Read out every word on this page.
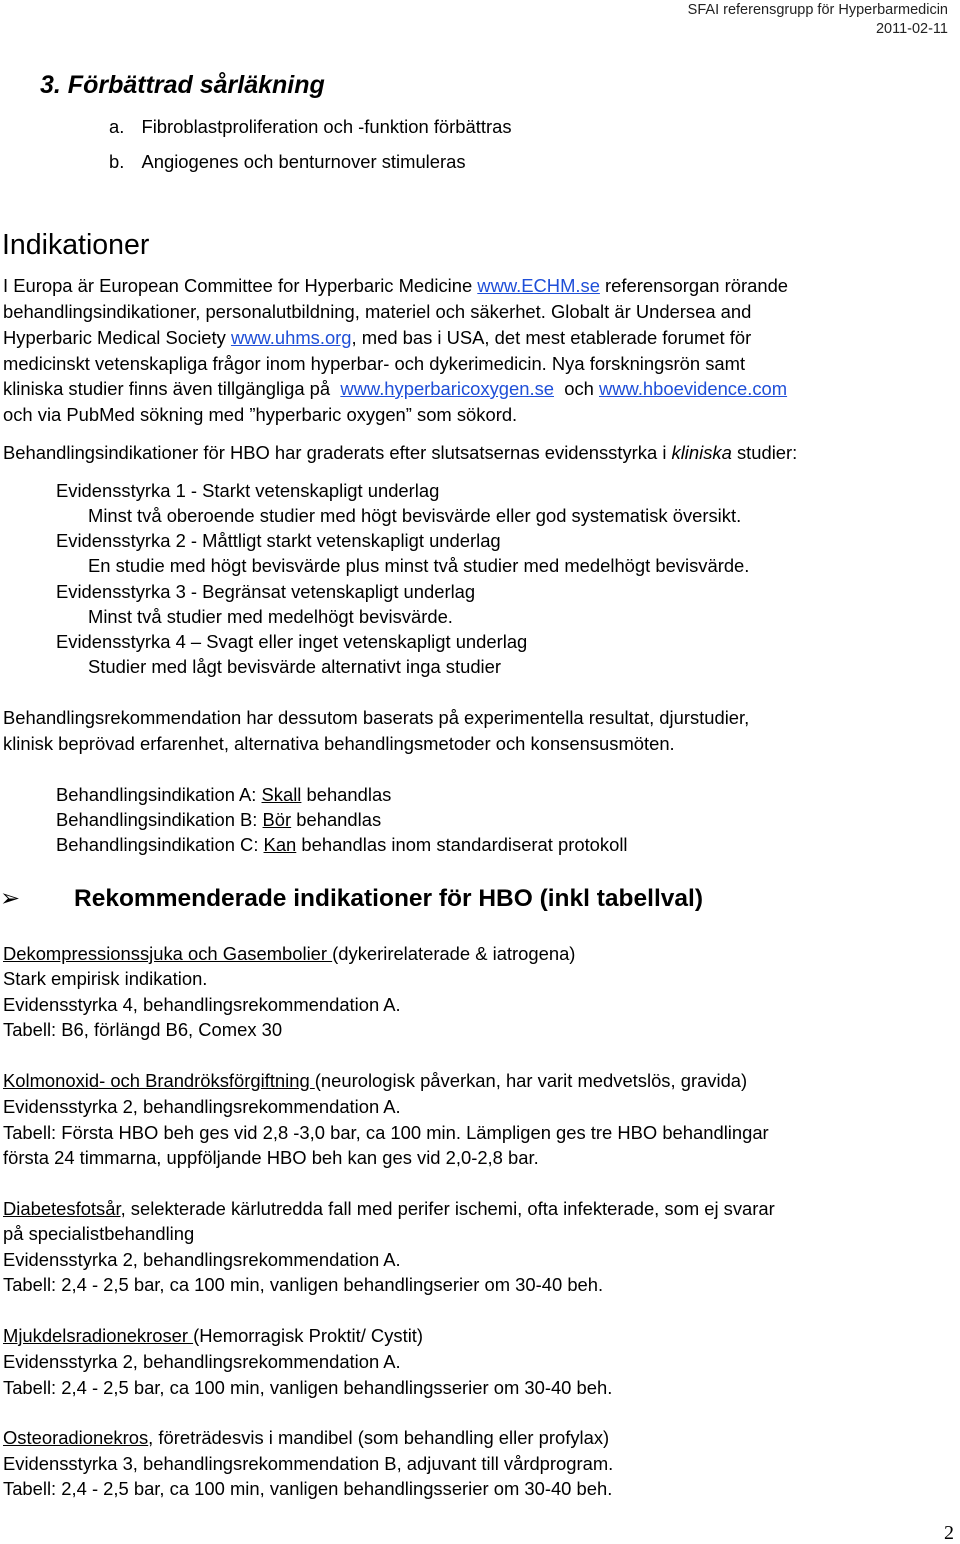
SFAI referensgrupp för Hyperbarmedicin
2011-02-11
3. Förbättrad sårläkning
a. Fibroblastproliferation och -funktion förbättras
b. Angiogenes och benturnover stimuleras
Indikationer
I Europa är European Committee for Hyperbaric Medicine www.ECHM.se referensorgan rörande
behandlingsindikationer, personalutbildning, materiel och säkerhet. Globalt är Undersea and
Hyperbaric Medical Society www.uhms.org, med bas i USA, det mest etablerade forumet för
medicinskt vetenskapliga frågor inom hyperbar- och dykerimedicin. Nya forskningsrön samt
kliniska studier finns även tillgängliga på  www.hyperbaricoxygen.se  och www.hboevidence.com
och via PubMed sökning med ”hyperbaric oxygen” som sökord.
Behandlingsindikationer för HBO har graderats efter slutsatsernas evidensstyrka i kliniska studier:
Evidensstyrka 1 - Starkt vetenskapligt underlag
Minst två oberoende studier med högt bevisvärde eller god systematisk översikt.
Evidensstyrka 2 - Måttligt starkt vetenskapligt underlag
En studie med högt bevisvärde plus minst två studier med medelhögt bevisvärde.
Evidensstyrka 3 - Begränsat vetenskapligt underlag
Minst två studier med medelhögt bevisvärde.
Evidensstyrka 4 – Svagt eller inget vetenskapligt underlag
Studier med lågt bevisvärde alternativt inga studier
Behandlingsrekommendation har dessutom baserats på experimentella resultat, djurstudier,
klinisk beprövad erfarenhet, alternativa behandlingsmetoder och konsensusmöten.
Behandlingsindikation A: Skall behandlas
Behandlingsindikation B: Bör behandlas
Behandlingsindikation C: Kan behandlas inom standardiserat protokoll
➢ Rekommenderade indikationer för HBO (inkl tabellval)
Dekompressionssjuka och Gasembolier (dykerirelaterade & iatrogena)
Stark empirisk indikation.
Evidensstyrka 4, behandlingsrekommendation A.
Tabell: B6, förlängd B6, Comex 30
Kolmonoxid- och Brandröksförgiftning (neurologisk påverkan, har varit medvetslös, gravida)
Evidensstyrka 2, behandlingsrekommendation A.
Tabell: Första HBO beh ges vid 2,8 -3,0 bar, ca 100 min. Lämpligen ges tre HBO behandlingar
första 24 timmarna, uppföljande HBO beh kan ges vid 2,0-2,8 bar.
Diabetesfotsår, selekterade kärlutredda fall med perifer ischemi, ofta infekterade, som ej svarar
på specialistbehandling
Evidensstyrka 2, behandlingsrekommendation A.
Tabell: 2,4 - 2,5 bar, ca 100 min, vanligen behandlingserier om 30-40 beh.
Mjukdelsradionekroser (Hemorragisk Proktit/ Cystit)
Evidensstyrka 2, behandlingsrekommendation A.
Tabell: 2,4 - 2,5 bar, ca 100 min, vanligen behandlingsserier om 30-40 beh.
Osteoradionekros, företrädesvis i mandibel (som behandling eller profylax)
Evidensstyrka 3, behandlingsrekommendation B, adjuvant till vårdprogram.
Tabell: 2,4 - 2,5 bar, ca 100 min, vanligen behandlingsserier om 30-40 beh.
2
